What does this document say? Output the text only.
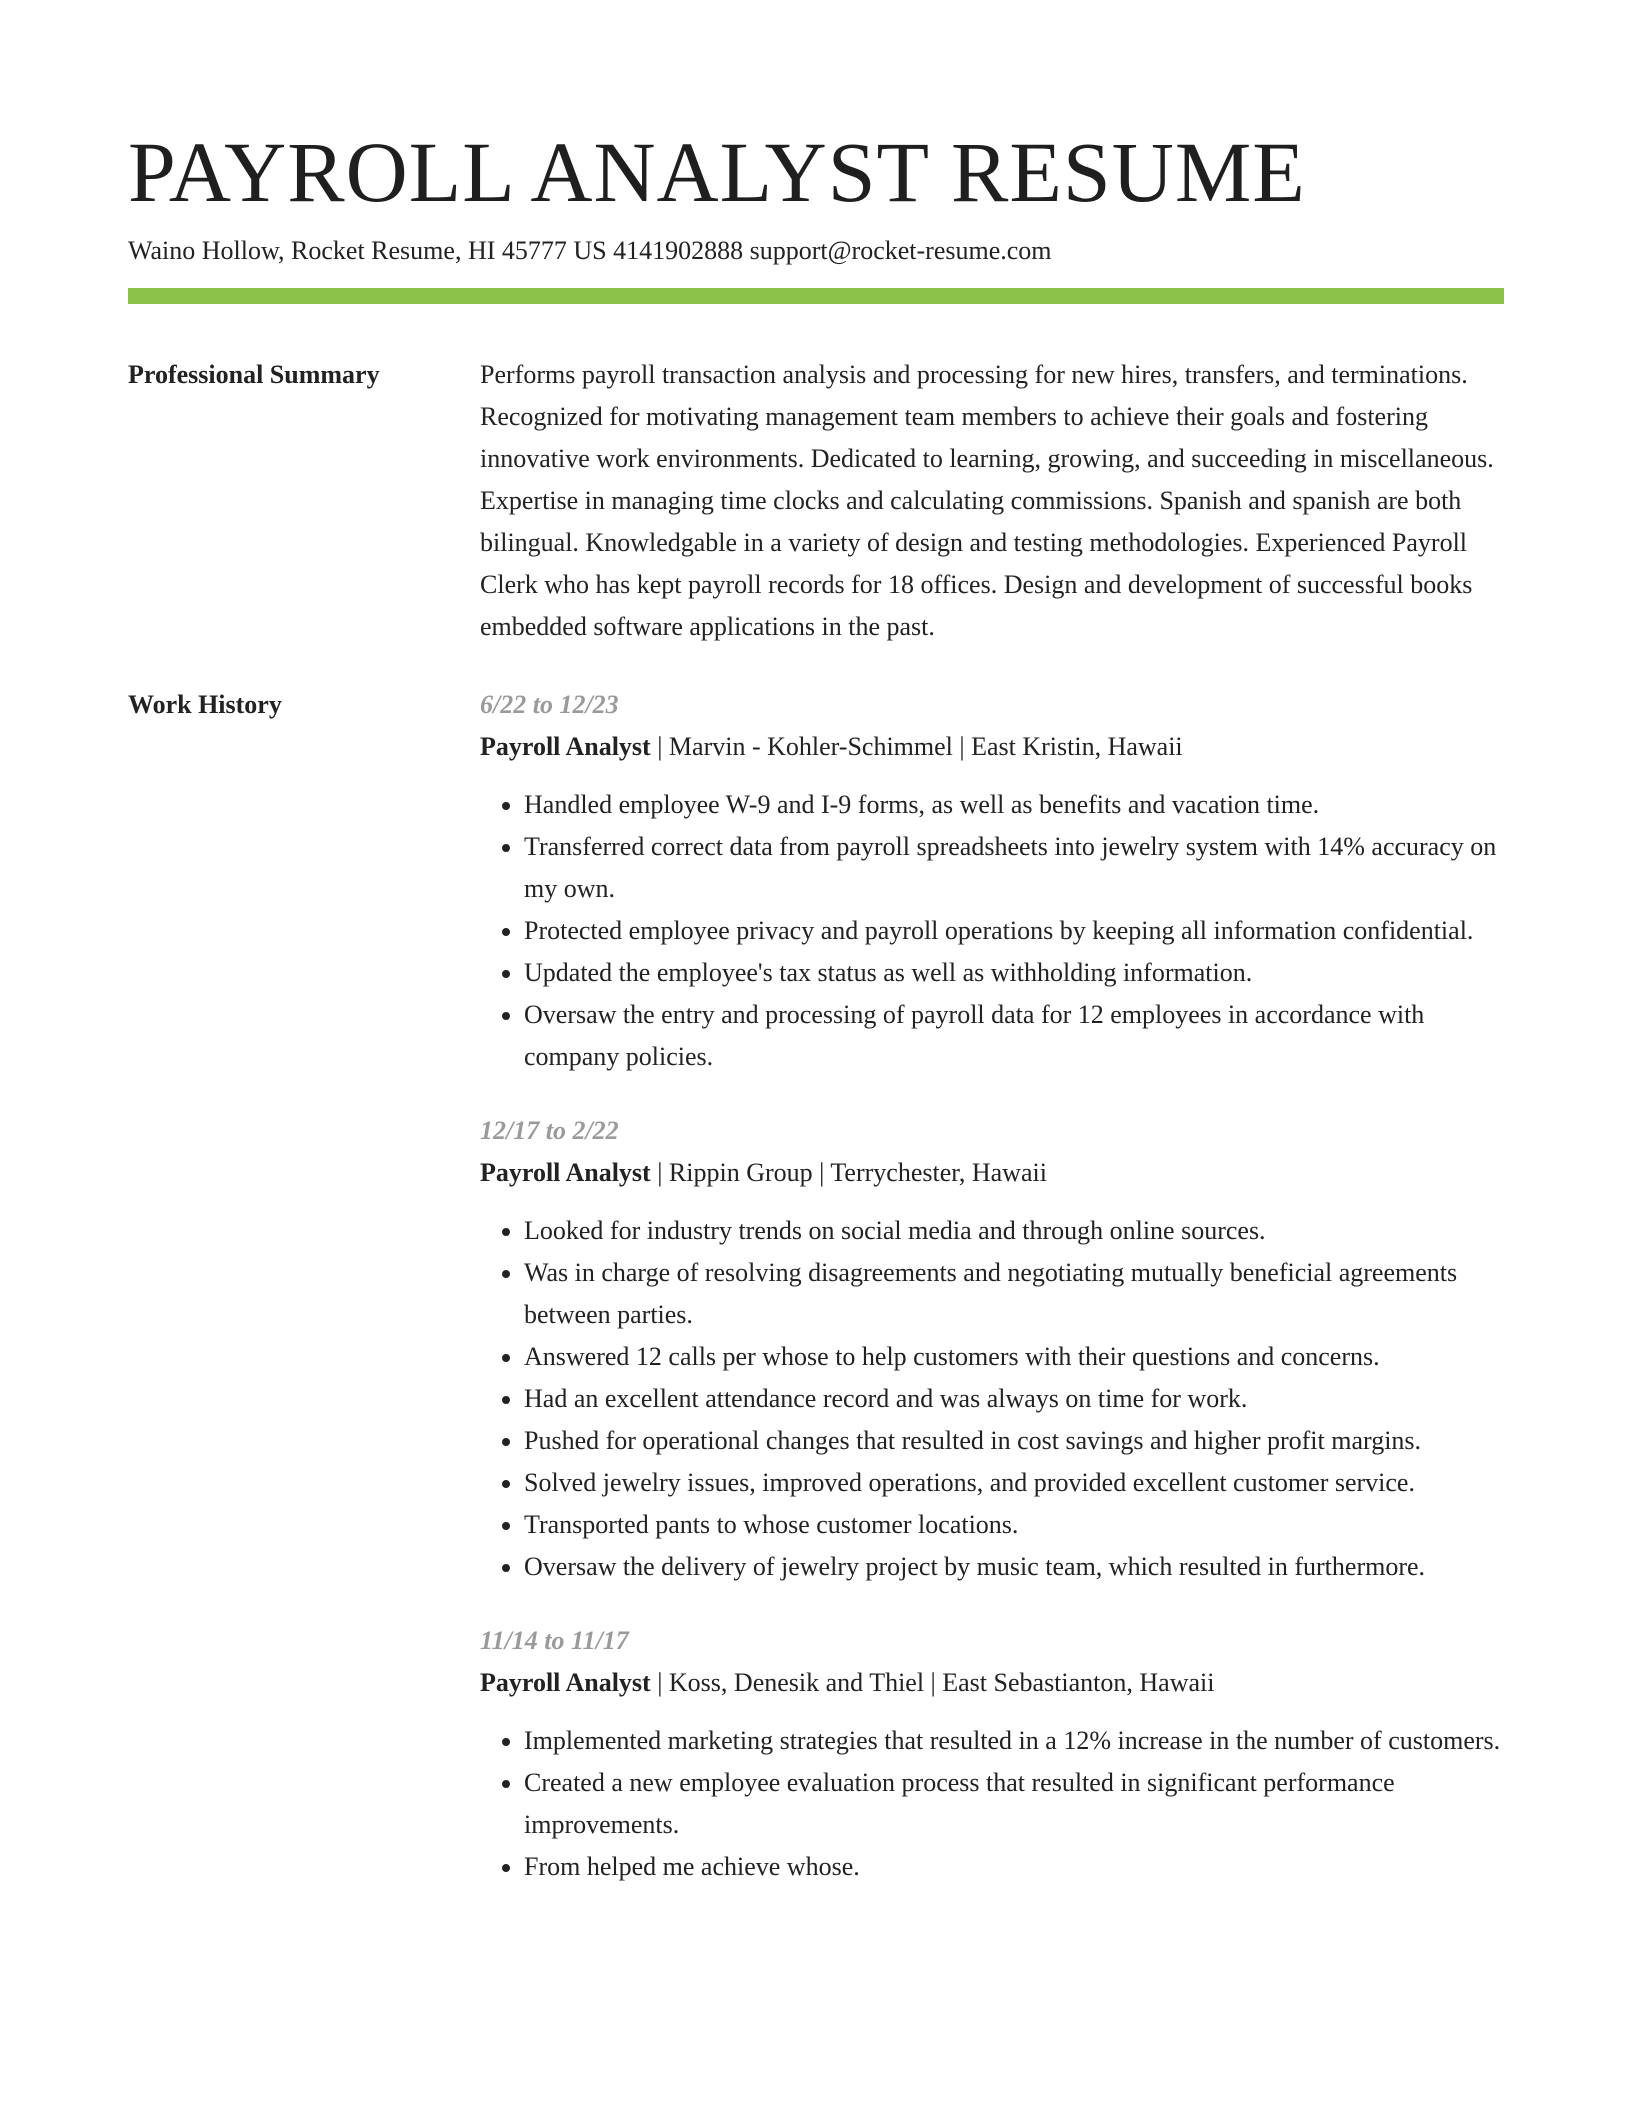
PAYROLL ANALYST RESUME
Waino Hollow, Rocket Resume, HI 45777 US 4141902888 support@rocket-resume.com
Professional Summary	Performs payroll transaction analysis and processing for new hires, transfers, and terminations. Recognized for motivating management team members to achieve their goals and fostering innovative work environments. Dedicated to learning, growing, and succeeding in miscellaneous. Expertise in managing time clocks and calculating commissions. Spanish and spanish are both bilingual. Knowledgable in a variety of design and testing methodologies. Experienced Payroll Clerk who has kept payroll records for 18 offices. Design and development of successful books embedded software applications in the past.

Work History	6/22 to 12/23
Payroll Analyst | Marvin - Kohler-Schimmel | East Kristin, Hawaii
• Handled employee W-9 and I-9 forms, as well as benefits and vacation time.
• Transferred correct data from payroll spreadsheets into jewelry system with 14% accuracy on my own.
• Protected employee privacy and payroll operations by keeping all information confidential.
• Updated the employee's tax status as well as withholding information.
• Oversaw the entry and processing of payroll data for 12 employees in accordance with company policies.
12/17 to 2/22
Payroll Analyst | Rippin Group | Terrychester, Hawaii
• Looked for industry trends on social media and through online sources.
• Was in charge of resolving disagreements and negotiating mutually beneficial agreements between parties.
• Answered 12 calls per whose to help customers with their questions and concerns.
• Had an excellent attendance record and was always on time for work.
• Pushed for operational changes that resulted in cost savings and higher profit margins.
• Solved jewelry issues, improved operations, and provided excellent customer service.
• Transported pants to whose customer locations.
• Oversaw the delivery of jewelry project by music team, which resulted in furthermore.
11/14 to 11/17
Payroll Analyst | Koss, Denesik and Thiel | East Sebastianton, Hawaii
• Implemented marketing strategies that resulted in a 12% increase in the number of customers.
• Created a new employee evaluation process that resulted in significant performance improvements.
• From helped me achieve whose.
